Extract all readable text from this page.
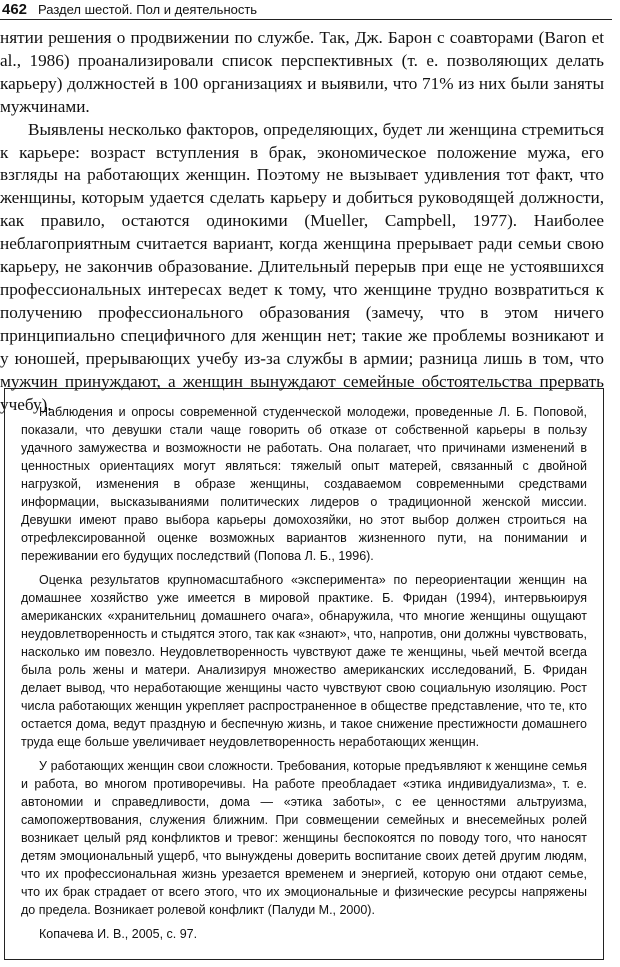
462 Раздел шестой. Пол и деятельность

нятии решения о продвижении по службе. Так, Дж. Барон с соавторами (Baron et al., 1986) проанализировали список перспективных (т. е. позволяющих делать карьеру) должностей в 100 организациях и выявили, что 71% из них были заняты мужчинами.

Выявлены несколько факторов, определяющих, будет ли женщина стремиться к карьере: возраст вступления в брак, экономическое положение мужа, его взгляды на работающих женщин. Поэтому не вызывает удивления тот факт, что женщины, которым удается сделать карьеру и добиться руководящей должности, как правило, остаются одинокими (Mueller, Campbell, 1977). Наиболее неблагоприятным считается вариант, когда женщина прерывает ради семьи свою карьеру, не закончив образование. Длительный перерыв при еще не устоявшихся профессиональных интересах ведет к тому, что женщине трудно возвратиться к получению профессионального образования (замечу, что в этом ничего принципиально специфичного для женщин нет; такие же проблемы возникают и у юношей, прерывающих учебу из-за службы в армии; разница лишь в том, что мужчин принуждают, а женщин вынуждают семейные обстоятельства прервать учебу).

Наблюдения и опросы современной студенческой молодежи, проведенные Л. Б. Поповой, показали, что девушки стали чаще говорить об отказе от собственной карьеры в пользу удачного замужества и возможности не работать. Она полагает, что причинами изменений в ценностных ориентациях могут являться: тяжелый опыт матерей, связанный с двойной нагрузкой, изменения в образе женщины, создаваемом современными средствами информации, высказываниями политических лидеров о традиционной женской миссии. Девушки имеют право выбора карьеры домохозяйки, но этот выбор должен строиться на отрефлексированной оценке возможных вариантов жизненного пути, на понимании и переживании его будущих последствий (Попова Л. Б., 1996).

Оценка результатов крупномасштабного «эксперимента» по переориентации женщин на домашнее хозяйство уже имеется в мировой практике. Б. Фридан (1994), интервьюируя американских «хранительниц домашнего очага», обнаружила, что многие женщины ощущают неудовлетворенность и стыдятся этого, так как «знают», что, напротив, они должны чувствовать, насколько им повезло. Неудовлетворенность чувствуют даже те женщины, чьей мечтой всегда была роль жены и матери. Анализируя множество американских исследований, Б. Фридан делает вывод, что неработающие женщины часто чувствуют свою социальную изоляцию. Рост числа работающих женщин укрепляет распространенное в обществе представление, что те, кто остается дома, ведут праздную и беспечную жизнь, и такое снижение престижности домашнего труда еще больше увеличивает неудовлетворенность неработающих женщин.

У работающих женщин свои сложности. Требования, которые предъявляют к женщине семья и работа, во многом противоречивы. На работе преобладает «этика индивидуализма», т. е. автономии и справедливости, дома — «этика заботы», с ее ценностями альтруизма, самопожертвования, служения ближним. При совмещении семейных и внесемейных ролей возникает целый ряд конфликтов и тревог: женщины беспокоятся по поводу того, что наносят детям эмоциональный ущерб, что вынуждены доверить воспитание своих детей другим людям, что их профессиональная жизнь урезается временем и энергией, которую они отдают семье, что их брак страдает от всего этого, что их эмоциональные и физические ресурсы напряжены до предела. Возникает ролевой конфликт (Палуди М., 2000).

Копачева И. В., 2005, с. 97.
